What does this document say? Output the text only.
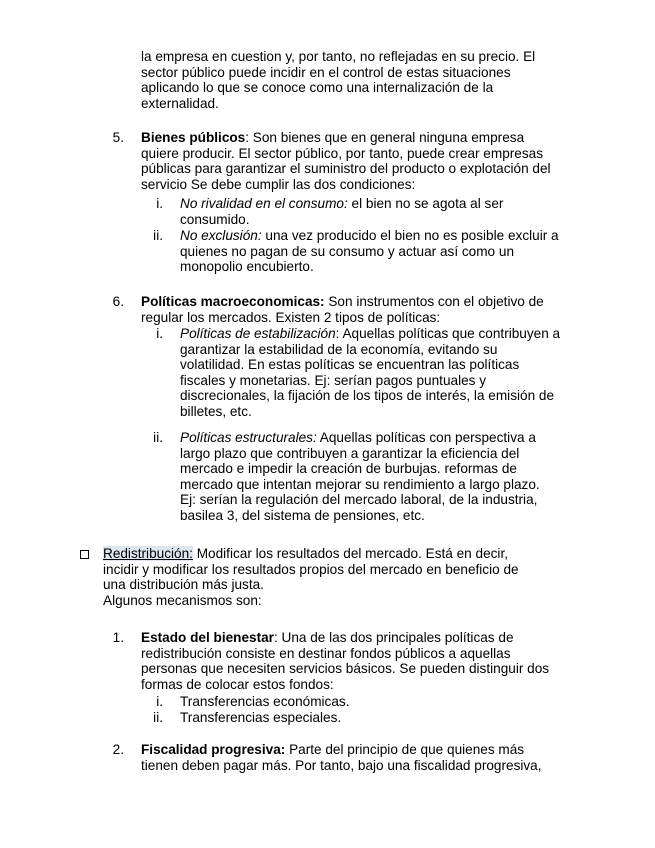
la empresa en cuestion y, por tanto, no reflejadas en su precio. El

sector público puede incidir en el control de estas situaciones

aplicando lo que se conoce como una internalización de la

externalidad.

5. Bienes públicos: Son bienes que en general ninguna empresa

quiere producir. El sector público, por tanto, puede crear empresas

públicas para garantizar el suministro del producto o explotación del

servicio Se debe cumplir las dos condiciones:

i. No rivalidad en el consumo: el bien no se agota al ser

consumido.

ii. No exclusión: una vez producido el bien no es posible excluir a

quienes no pagan de su consumo y actuar así como un

monopolio encubierto.

6. Políticas macroeconomicas: Son instrumentos con el objetivo de

regular los mercados. Existen 2 tipos de políticas:

i. Políticas de estabilización: Aquellas políticas que contribuyen a

garantizar la estabilidad de la economía, evitando su

volatilidad. En estas políticas se encuentran las políticas

fiscales y monetarias. Ej: serían pagos puntuales y

discrecionales, la fijación de los tipos de interés, la emisión de

billetes, etc.

ii. Políticas estructurales: Aquellas políticas con perspectiva a

largo plazo que contribuyen a garantizar la eficiencia del

mercado e impedir la creación de burbujas. reformas de

mercado que intentan mejorar su rendimiento a largo plazo.

Ej: serían la regulación del mercado laboral, de la industria,

basilea 3, del sistema de pensiones, etc.

Redistribución: Modificar los resultados del mercado. Está en decir,

incidir y modificar los resultados propios del mercado en beneficio de

una distribución más justa.

Algunos mecanismos son:

1. Estado del bienestar: Una de las dos principales políticas de

redistribución consiste en destinar fondos públicos a aquellas

personas que necesiten servicios básicos. Se pueden distinguir dos

formas de colocar estos fondos:

i. Transferencias económicas.

ii. Transferencias especiales.

2. Fiscalidad progresiva: Parte del principio de que quienes más

tienen deben pagar más. Por tanto, bajo una fiscalidad progresiva,
